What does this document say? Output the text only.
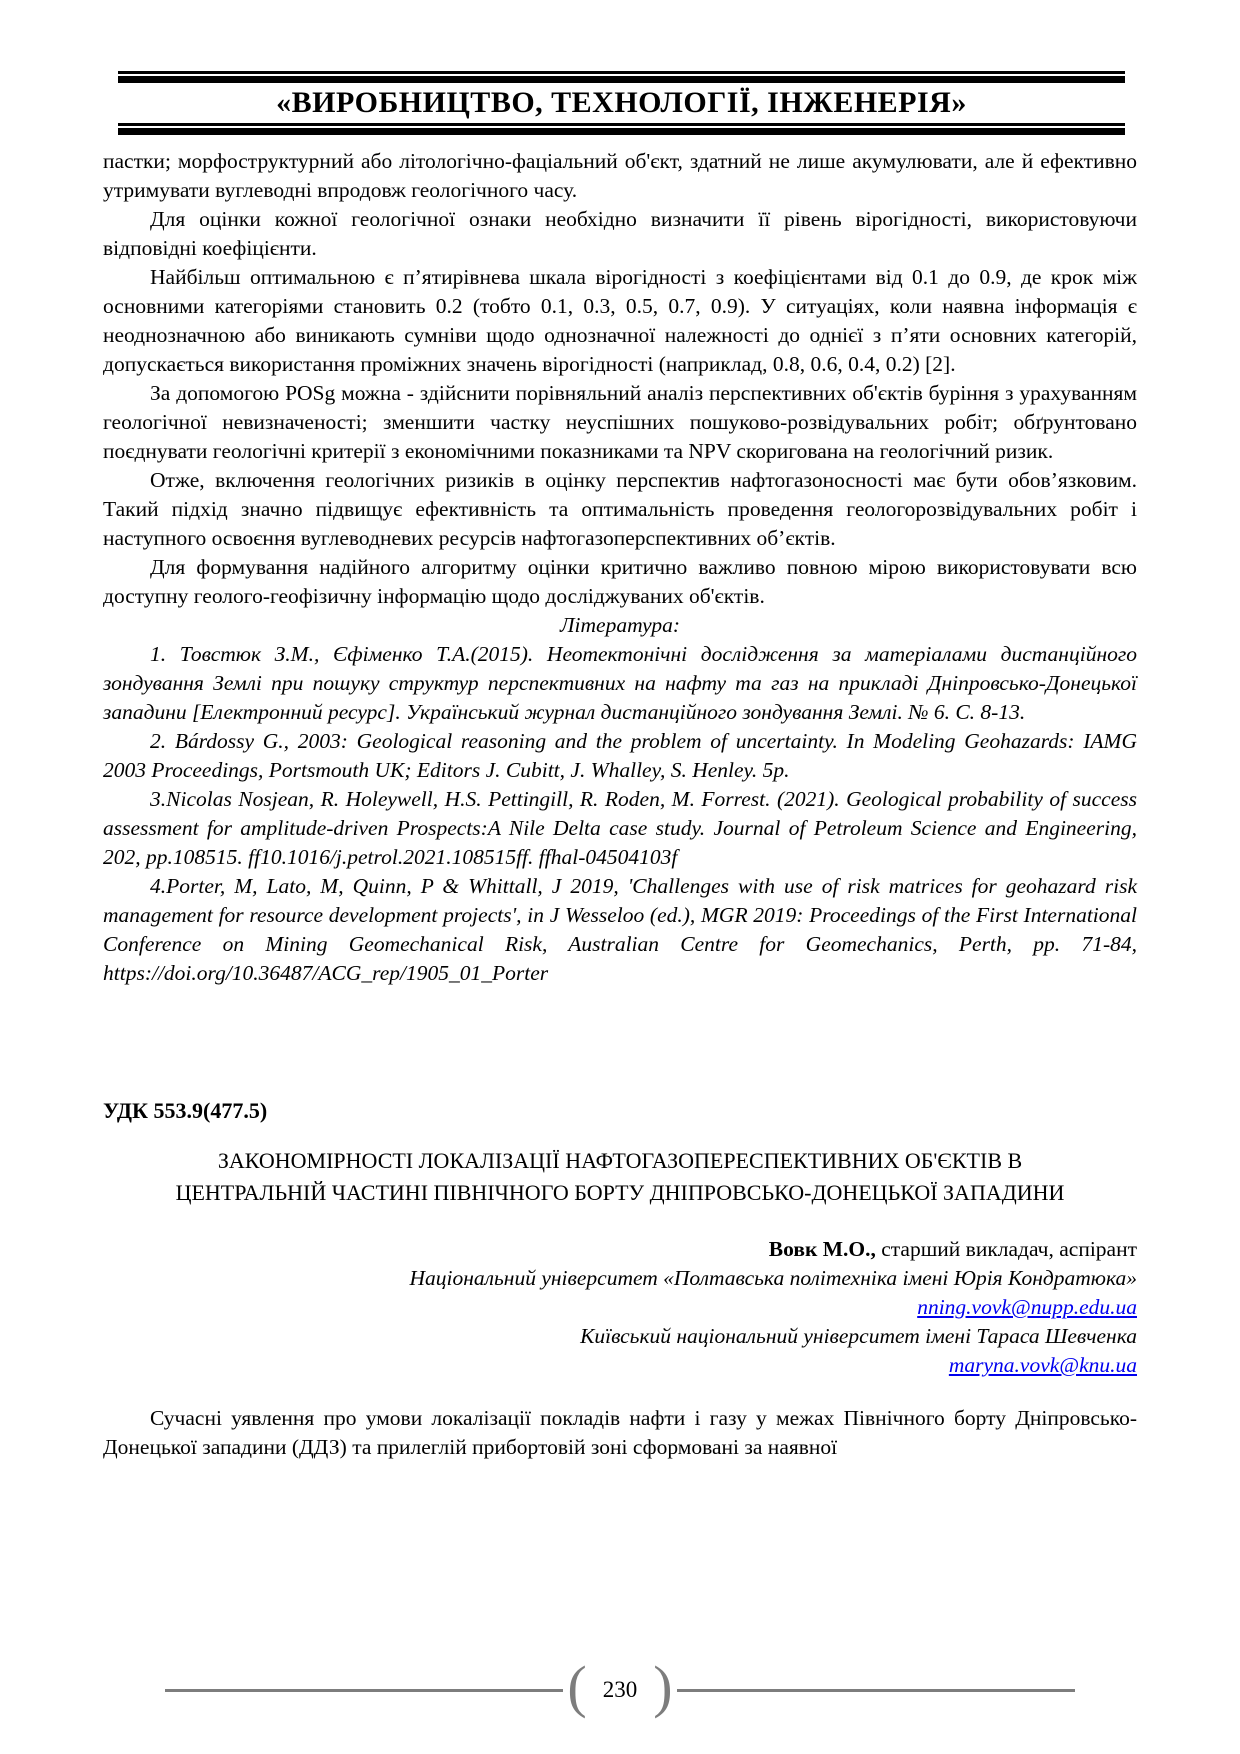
«ВИРОБНИЦТВО, ТЕХНОЛОГІЇ, ІНЖЕНЕРІЯ»

пастки; морфоструктурний або літологічно-фаціальний об'єкт, здатний не лише акумулювати, але й ефективно утримувати вуглеводні впродовж геологічного часу.

Для оцінки кожної геологічної ознаки необхідно визначити її рівень вірогідності, використовуючи відповідні коефіцієнти.

Найбільш оптимальною є п’ятирівнева шкала вірогідності з коефіцієнтами від 0.1 до 0.9, де крок між основними категоріями становить 0.2 (тобто 0.1, 0.3, 0.5, 0.7, 0.9). У ситуаціях, коли наявна інформація є неоднозначною або виникають сумніви щодо однозначної належності до однієї з п’яти основних категорій, допускається використання проміжних значень вірогідності (наприклад, 0.8, 0.6, 0.4, 0.2) [2].

За допомогою POSg можна - здійснити порівняльний аналіз перспективних об'єктів буріння з урахуванням геологічної невизначеності; зменшити частку неуспішних пошуково-розвідувальних робіт; обґрунтовано поєднувати геологічні критерії з економічними показниками та NPV скоригована на геологічний ризик.

Отже, включення геологічних ризиків в оцінку перспектив нафтогазоносності має бути обов’язковим. Такий підхід значно підвищує ефективність та оптимальність проведення геологорозвідувальних робіт і наступного освоєння вуглеводневих ресурсів нафтогазоперспективних об’єктів.

Для формування надійного алгоритму оцінки критично важливо повною мірою використовувати всю доступну геолого-геофізичну інформацію щодо досліджуваних об'єктів.

Література:

1. Товстюк З.М., Єфіменко Т.А.(2015). Неотектонічні дослідження за матеріалами дистанційного зондування Землі при пошуку структур перспективних на нафту та газ на прикладі Дніпровсько-Донецької западини [Електронний ресурс]. Український журнал дистанційного зондування Землі. № 6. С. 8-13.

2. Bárdossy G., 2003: Geological reasoning and the problem of uncertainty. In Modeling Geohazards: IAMG 2003 Proceedings, Portsmouth UK; Editors J. Cubitt, J. Whalley, S. Henley. 5p.

3.Nicolas Nosjean, R. Holeywell, H.S. Pettingill, R. Roden, M. Forrest. (2021). Geological probability of success assessment for amplitude-driven Prospects:A Nile Delta case study. Journal of Petroleum Science and Engineering, 202, pp.108515. ff10.1016/j.petrol.2021.108515ff. ffhal-04504103f

4.Porter, M, Lato, M, Quinn, P & Whittall, J 2019, 'Challenges with use of risk matrices for geohazard risk management for resource development projects', in J Wesseloo (ed.), MGR 2019: Proceedings of the First International Conference on Mining Geomechanical Risk, Australian Centre for Geomechanics, Perth, pp. 71-84, https://doi.org/10.36487/ACG_rep/1905_01_Porter

УДК 553.9(477.5)
ЗАКОНОМІРНОСТІ ЛОКАЛІЗАЦІЇ НАФТОГАЗОПЕРЕСПЕКТИВНИХ ОБ'ЄКТІВ В ЦЕНТРАЛЬНІЙ ЧАСТИНІ ПІВНІЧНОГО БОРТУ ДНІПРОВСЬКО-ДОНЕЦЬКОЇ ЗАПАДИНИ
Вовк М.О., старший викладач, аспірант
Національний університет «Полтавська політехніка імені Юрія Кондратюка»
nning.vovk@nupp.edu.ua
Київський національний університет імені Тараса Шевченка
maryna.vovk@knu.ua

Сучасні уявлення про умови локалізації покладів нафти і газу у межах Північного борту Дніпровсько-Донецької западини (ДДЗ) та прилеглій прибортовій зоні сформовані за наявної

( 230 )
